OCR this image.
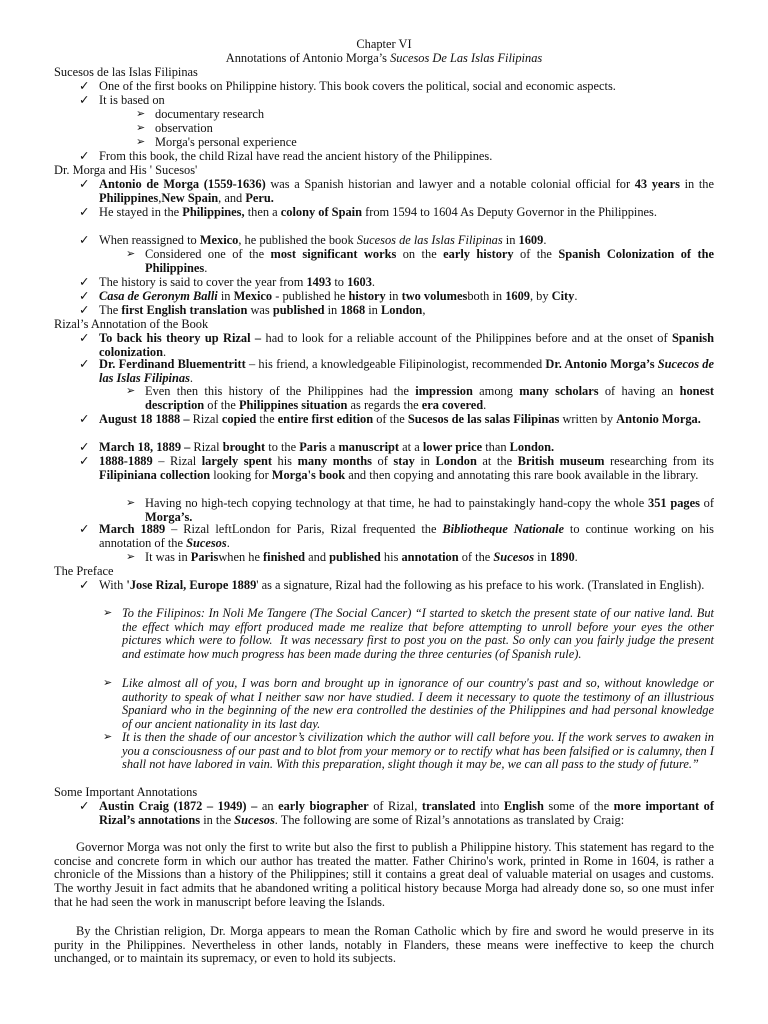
Chapter VI
Annotations of Antonio Morga’s Sucesos De Las Islas Filipinas
Sucesos de las Islas Filipinas
✓ One of the first books on Philippine history. This book covers the political, social and economic aspects.
✓ It is based on
➢ documentary research
➢ observation
➢ Morga's personal experience
✓ From this book, the child Rizal have read the ancient history of the Philippines.
Dr. Morga and His ' Sucesos'
✓ Antonio de Morga (1559-1636) was a Spanish historian and lawyer and a notable colonial official for 43 years in the Philippines,New Spain, and Peru.
✓ He stayed in the Philippines, then a colony of Spain from 1594 to 1604 As Deputy Governor in the Philippines.
✓ When reassigned to Mexico, he published the book Sucesos de las Islas Filipinas in 1609.
➢ Considered one of the most significant works on the early history of the Spanish Colonization of the Philippines.
✓ The history is said to cover the year from 1493 to 1603.
✓ Casa de Geronym Balli in Mexico - published he history in two volumesboth in 1609, by City.
✓ The first English translation was published in 1868 in London,
Rizal’s Annotation of the Book
✓ To back his theory up Rizal – had to look for a reliable account of the Philippines before and at the onset of Spanish colonization.
✓ Dr. Ferdinand Bluementritt – his friend, a knowledgeable Filipinologist, recommended Dr. Antonio Morga’s Sucecos de las Islas Filipinas.
➢ Even then this history of the Philippines had the impression among many scholars of having an honest description of the Philippines situation as regards the era covered.
✓ August 18 1888 – Rizal copied the entire first edition of the Sucesos de las salas Filipinas written by Antonio Morga.
✓ March 18, 1889 – Rizal brought to the Paris a manuscript at a lower price than London.
✓ 1888-1889 – Rizal largely spent his many months of stay in London at the British museum researching from its Filipiniana collection looking for Morga's book and then copying and annotating this rare book available in the library.
➢ Having no high-tech copying technology at that time, he had to painstakingly hand-copy the whole 351 pages of Morga’s.
✓ March 1889 – Rizal leftLondon for Paris, Rizal frequented the Bibliotheque Nationale to continue working on his annotation of the Sucesos.
➢ It was in Pariswhen he finished and published his annotation of the Sucesos in 1890.
The Preface
✓ With 'Jose Rizal, Europe 1889' as a signature, Rizal had the following as his preface to his work. (Translated in English).
➢ To the Filipinos: In Noli Me Tangere (The Social Cancer) “I started to sketch the present state of our native land. But the effect which may effort produced made me realize that before attempting to unroll before your eyes the other pictures which were to follow.  It was necessary first to post you on the past. So only can you fairly judge the present and estimate how much progress has been made during the three centuries (of Spanish rule).
➢ Like almost all of you, I was born and brought up in ignorance of our country's past and so, without knowledge or authority to speak of what I neither saw nor have studied. I deem it necessary to quote the testimony of an illustrious Spaniard who in the beginning of the new era controlled the destinies of the Philippines and had personal knowledge of our ancient nationality in its last day.
➢ It is then the shade of our ancestor’s civilization which the author will call before you. If the work serves to awaken in you a consciousness of our past and to blot from your memory or to rectify what has been falsified or is calumny, then I shall not have labored in vain. With this preparation, slight though it may be, we can all pass to the study of future.”
Some Important Annotations
✓ Austin Craig (1872 – 1949) – an early biographer of Rizal, translated into English some of the more important of Rizal’s annotations in the Sucesos. The following are some of Rizal’s annotations as translated by Craig:
Governor Morga was not only the first to write but also the first to publish a Philippine history. This statement has regard to the concise and concrete form in which our author has treated the matter. Father Chirino's work, printed in Rome in 1604, is rather a chronicle of the Missions than a history of the Philippines; still it contains a great deal of valuable material on usages and customs. The worthy Jesuit in fact admits that he abandoned writing a political history because Morga had already done so, so one must infer that he had seen the work in manuscript before leaving the Islands.
By the Christian religion, Dr. Morga appears to mean the Roman Catholic which by fire and sword he would preserve in its purity in the Philippines. Nevertheless in other lands, notably in Flanders, these means were ineffective to keep the church unchanged, or to maintain its supremacy, or even to hold its subjects.
